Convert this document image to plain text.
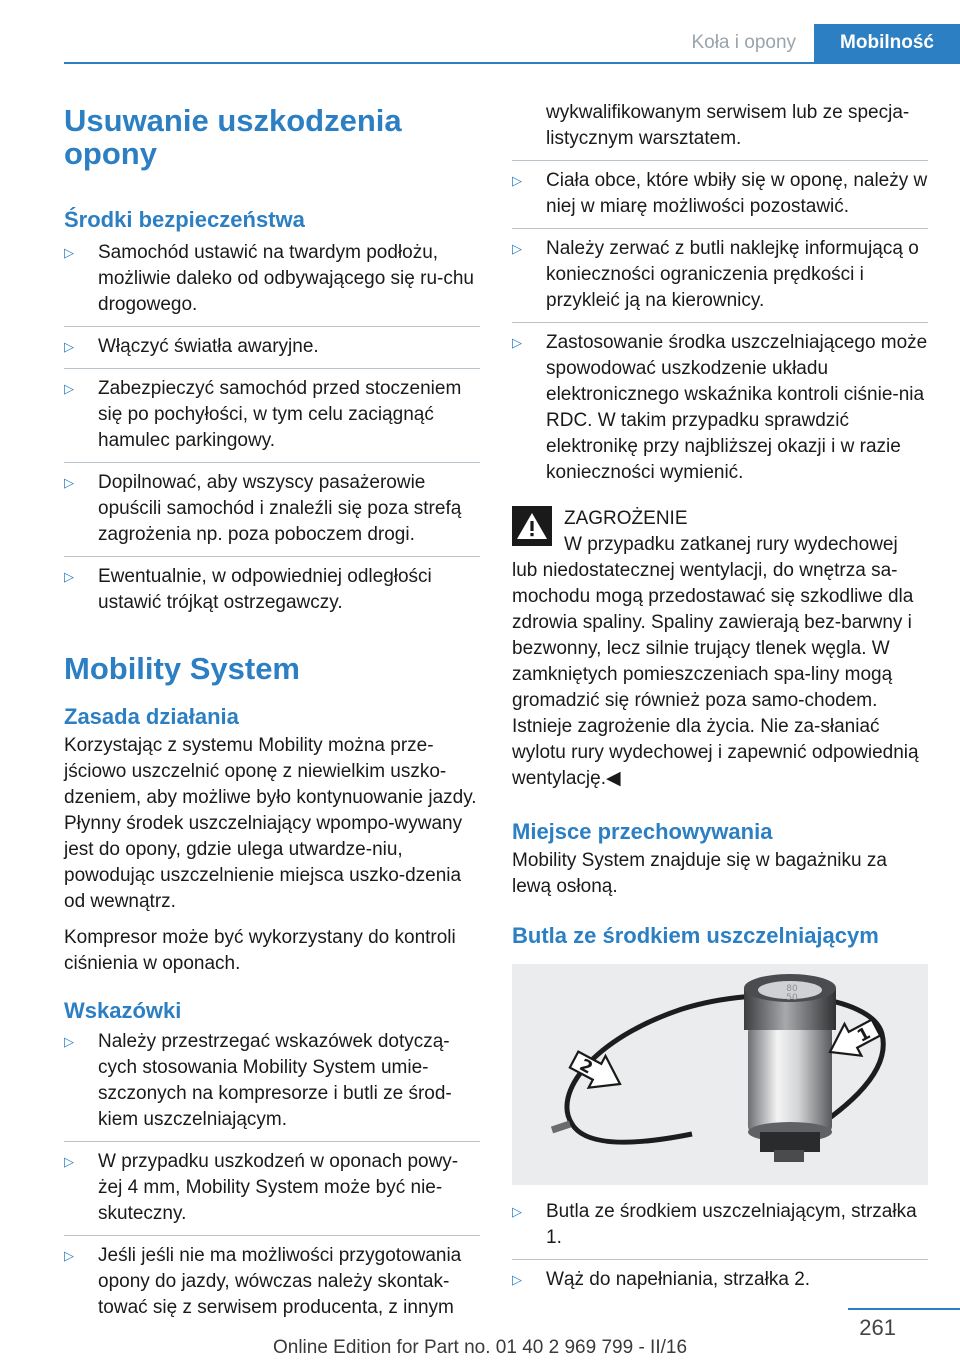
Koła i opony	Mobilność
Usuwanie uszkodzenia opony
Środki bezpieczeństwa
▷	Samochód ustawić na twardym podłożu, możliwie daleko od odbywającego się ru‐chu drogowego.
▷	Włączyć światła awaryjne.
▷	Zabezpieczyć samochód przed stoczeniem się po pochyłości, w tym celu zaciągnąć hamulec parkingowy.
▷	Dopilnować, aby wszyscy pasażerowie opuścili samochód i znaleźli się poza strefą zagrożenia np. poza poboczem drogi.
▷	Ewentualnie, w odpowiedniej odległości ustawić trójkąt ostrzegawczy.
Mobility System
Zasada działania

Korzystając z systemu Mobility można prze‐jściowo uszczelnić oponę z niewielkim uszko‐dzeniem, aby możliwe było kontynuowanie jazdy. Płynny środek uszczelniający wpompo‐wywany jest do opony, gdzie ulega utwardze‐niu, powodując uszczelnienie miejsca uszko‐dzenia od wewnątrz.

Kompresor może być wykorzystany do kontroli ciśnienia w oponach.

Wskazówki
▷	Należy przestrzegać wskazówek dotyczą‐cych stosowania Mobility System umie‐szczonych na kompresorze i butli ze środ‐kiem uszczelniającym.
▷	W przypadku uszkodzeń w oponach powy‐żej 4 mm, Mobility System może być nie‐skuteczny.
▷	Jeśli jeśli nie ma możliwości przygotowania opony do jazdy, wówczas należy skontak‐tować się z serwisem producenta, z innym
wykwalifikowanym serwisem lub ze specja‐listycznym warsztatem.
▷	Ciała obce, które wbiły się w oponę, należy w niej w miarę możliwości pozostawić.
▷	Należy zerwać z butli naklejkę informującą o konieczności ograniczenia prędkości i przykleić ją na kierownicy.
▷	Zastosowanie środka uszczelniającego może spowodować uszkodzenie układu elektronicznego wskaźnika kontroli ciśnie‐nia RDC. W takim przypadku sprawdzić elektronikę przy najbliższej okazji i w razie konieczności wymienić.
ZAGROŻENIE
W przypadku zatkanej rury wydechowej lub niedostatecznej wentylacji, do wnętrza sa‐mochodu mogą przedostawać się szkodliwe dla zdrowia spaliny. Spaliny zawierają bez‐barwny i bezwonny, lecz silnie trujący tlenek węgla. W zamkniętych pomieszczeniach spa‐liny mogą gromadzić się również poza samo‐chodem. Istnieje zagrożenie dla życia. Nie za‐słaniać wylotu rury wydechowej i zapewnić odpowiednią wentylację.◀
Miejsce przechowywania

Mobility System znajduje się w bagażniku za lewą osłoną.

Butla ze środkiem uszczelniającym
80 50
1
2
▷	Butla ze środkiem uszczelniającym, strzałka 1.
▷	Wąż do napełniania, strzałka 2.
261
Online Edition for Part no. 01 40 2 969 799 - II/16
